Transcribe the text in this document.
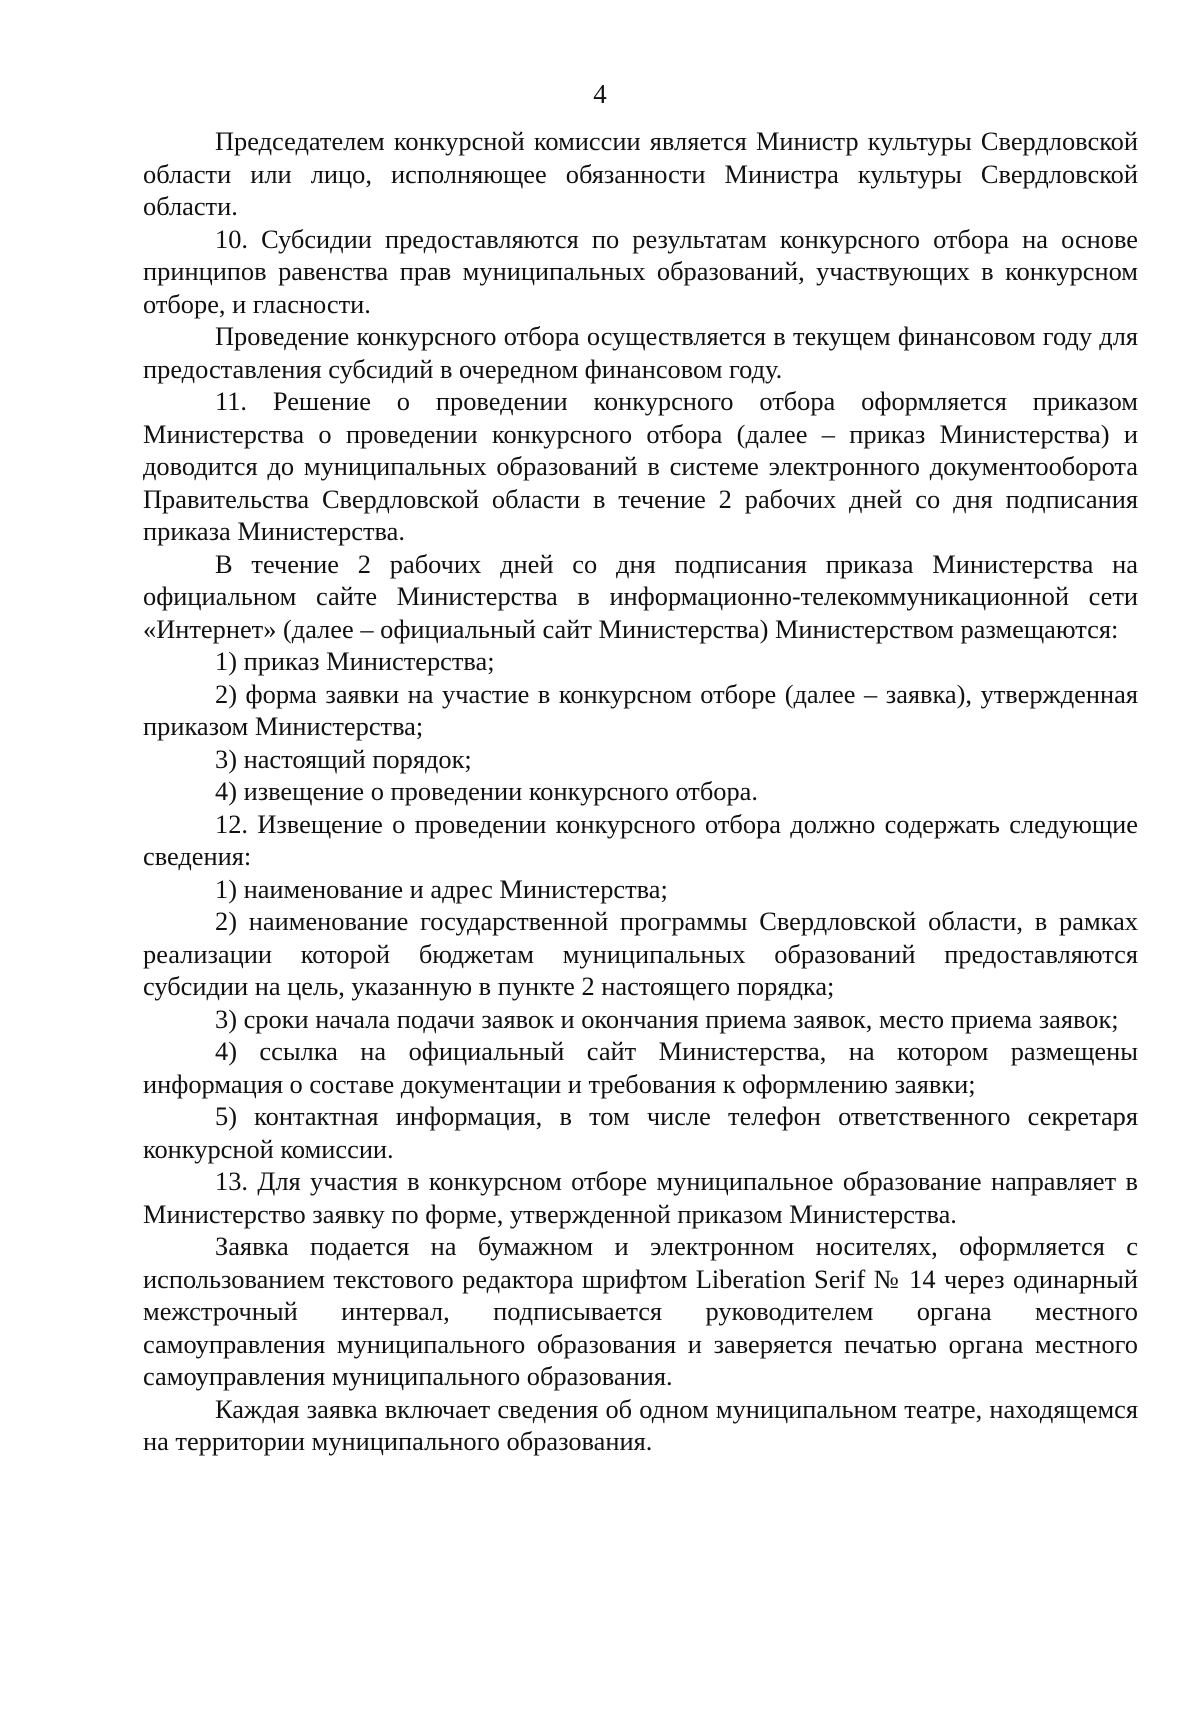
4

Председателем конкурсной комиссии является Министр культуры Свердловской области или лицо, исполняющее обязанности Министра культуры Свердловской области.

10. Субсидии предоставляются по результатам конкурсного отбора на основе принципов равенства прав муниципальных образований, участвующих в конкурсном отборе, и гласности.

Проведение конкурсного отбора осуществляется в текущем финансовом году для предоставления субсидий в очередном финансовом году.

11. Решение о проведении конкурсного отбора оформляется приказом Министерства о проведении конкурсного отбора (далее – приказ Министерства) и доводится до муниципальных образований в системе электронного документооборота Правительства Свердловской области в течение 2 рабочих дней со дня подписания приказа Министерства.

В течение 2 рабочих дней со дня подписания приказа Министерства на официальном сайте Министерства в информационно-телекоммуникационной сети «Интернет» (далее – официальный сайт Министерства) Министерством размещаются:

1) приказ Министерства;

2) форма заявки на участие в конкурсном отборе (далее – заявка), утвержденная приказом Министерства;

3) настоящий порядок;

4) извещение о проведении конкурсного отбора.

12. Извещение о проведении конкурсного отбора должно содержать следующие сведения:

1) наименование и адрес Министерства;

2) наименование государственной программы Свердловской области, в рамках реализации которой бюджетам муниципальных образований предоставляются субсидии на цель, указанную в пункте 2 настоящего порядка;

3) сроки начала подачи заявок и окончания приема заявок, место приема заявок;

4) ссылка на официальный сайт Министерства, на котором размещены информация о составе документации и требования к оформлению заявки;

5) контактная информация, в том числе телефон ответственного секретаря конкурсной комиссии.

13. Для участия в конкурсном отборе муниципальное образование направляет в Министерство заявку по форме, утвержденной приказом Министерства.

Заявка подается на бумажном и электронном носителях, оформляется с использованием текстового редактора шрифтом Liberation Serif № 14 через одинарный межстрочный интервал, подписывается руководителем органа местного самоуправления муниципального образования и заверяется печатью органа местного самоуправления муниципального образования.

Каждая заявка включает сведения об одном муниципальном театре, находящемся на территории муниципального образования.
